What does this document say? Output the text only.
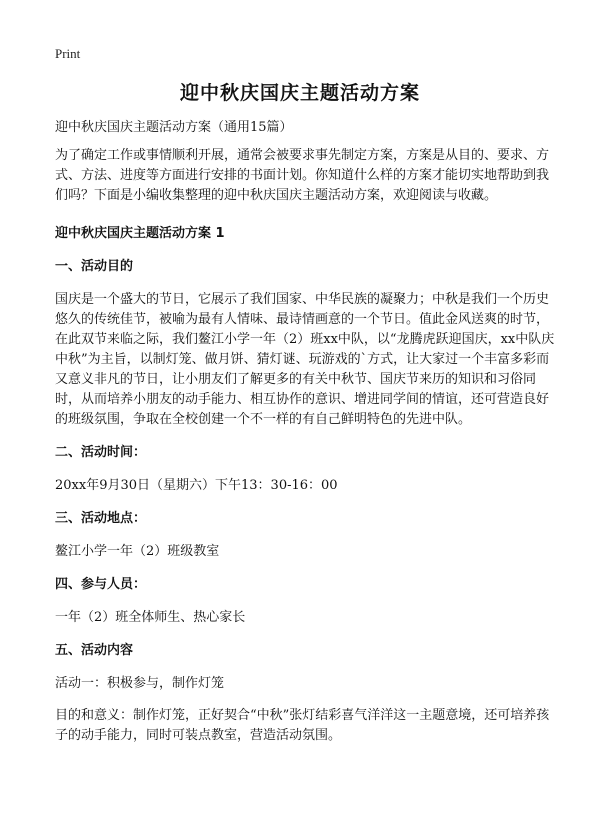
Print
迎中秋庆国庆主题活动方案

迎中秋庆国庆主题活动方案（通用15篇）

为了确定工作或事情顺利开展，通常会被要求事先制定方案，方案是从目的、要求、方式、方法、进度等方面进行安排的书面计划。你知道什么样的方案才能切实地帮助到我们吗？下面是小编收集整理的迎中秋庆国庆主题活动方案，欢迎阅读与收藏。

迎中秋庆国庆主题活动方案 1

一、活动目的

国庆是一个盛大的节日，它展示了我们国家、中华民族的凝聚力；中秋是我们一个历史悠久的传统佳节，被喻为最有人情味、最诗情画意的一个节日。值此金风送爽的时节，在此双节来临之际，我们鳌江小学一年（2）班xx中队，以“龙腾虎跃迎国庆，xx中队庆中秋”为主旨，以制灯笼、做月饼、猜灯谜、玩游戏的`方式，让大家过一个丰富多彩而又意义非凡的节日，让小朋友们了解更多的有关中秋节、国庆节来历的知识和习俗同时，从而培养小朋友的动手能力、相互协作的意识、增进同学间的情谊，还可营造良好的班级氛围，争取在全校创建一个不一样的有自己鲜明特色的先进中队。

二、活动时间：

20xx年9月30日（星期六）下午13：30-16：00

三、活动地点：

鳌江小学一年（2）班级教室

四、参与人员：

一年（2）班全体师生、热心家长

五、活动内容

活动一：积极参与，制作灯笼

目的和意义：制作灯笼，正好契合“中秋”张灯结彩喜气洋洋这一主题意境，还可培养孩子的动手能力，同时可装点教室，营造活动氛围。
